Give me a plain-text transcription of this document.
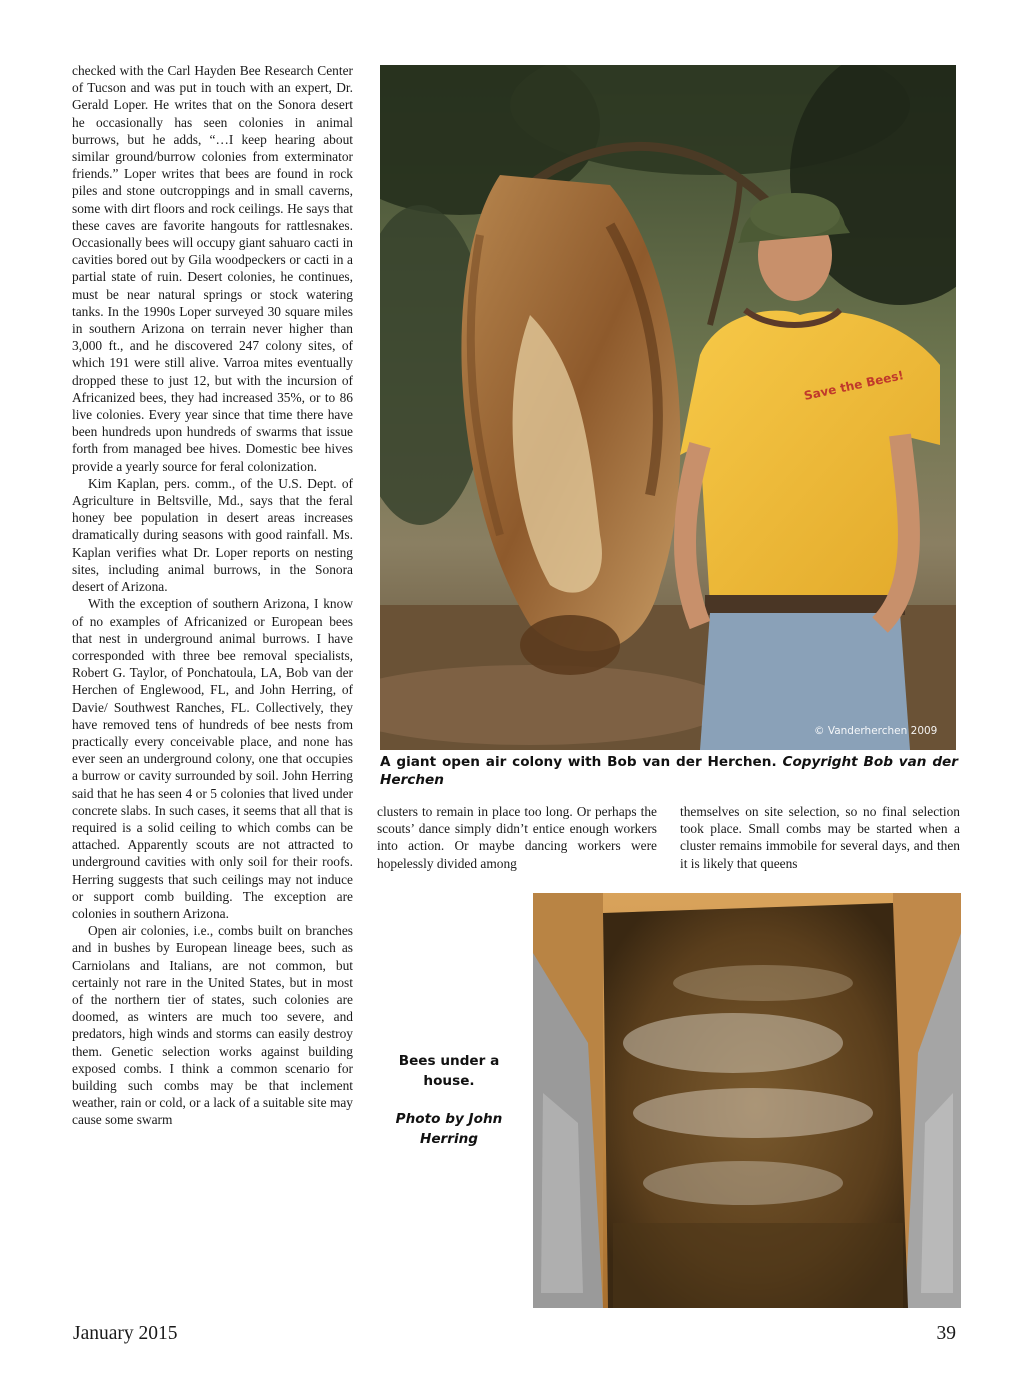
checked with the Carl Hayden Bee Research Center of Tucson and was put in touch with an expert, Dr. Gerald Loper. He writes that on the Sonora desert he occasionally has seen colonies in animal burrows, but he adds, “…I keep hearing about similar ground/burrow colonies from exterminator friends.” Loper writes that bees are found in rock piles and stone outcroppings and in small caverns, some with dirt floors and rock ceilings. He says that these caves are favorite hangouts for rattlesnakes. Occasionally bees will occupy giant sahuaro cacti in cavities bored out by Gila woodpeckers or cacti in a partial state of ruin. Desert colonies, he continues, must be near natural springs or stock watering tanks. In the 1990s Loper surveyed 30 square miles in southern Arizona on terrain never higher than 3,000 ft., and he discovered 247 colony sites, of which 191 were still alive. Varroa mites eventually dropped these to just 12, but with the incursion of Africanized bees, they had increased 35%, or to 86 live colonies. Every year since that time there have been hundreds upon hundreds of swarms that issue forth from managed bee hives. Domestic bee hives provide a yearly source for feral colonization.

Kim Kaplan, pers. comm., of the U.S. Dept. of Agriculture in Beltsville, Md., says that the feral honey bee population in desert areas increases dramatically during seasons with good rainfall. Ms. Kaplan verifies what Dr. Loper reports on nesting sites, including animal burrows, in the Sonora desert of Arizona.

With the exception of southern Arizona, I know of no examples of Africanized or European bees that nest in underground animal burrows. I have corresponded with three bee removal specialists, Robert G. Taylor, of Ponchatoula, LA, Bob van der Herchen of Englewood, FL, and John Herring, of Davie/ Southwest Ranches, FL. Collectively, they have removed tens of hundreds of bee nests from practically every conceivable place, and none has ever seen an underground colony, one that occupies a burrow or cavity surrounded by soil. John Herring said that he has seen 4 or 5 colonies that lived under concrete slabs. In such cases, it seems that all that is required is a solid ceiling to which combs can be attached. Apparently scouts are not attracted to underground cavities with only soil for their roofs. Herring suggests that such ceilings may not induce or support comb building. The exception are colonies in southern Arizona.

Open air colonies, i.e., combs built on branches and in bushes by European lineage bees, such as Carniolans and Italians, are not common, but certainly not rare in the United States, but in most of the northern tier of states, such colonies are doomed, as winters are much too severe, and predators, high winds and storms can easily destroy them. Genetic selection works against building exposed combs. I think a common scenario for building such combs may be that inclement weather, rain or cold, or a lack of a suitable site may cause some swarm

Save the Bees!
© Vanderherchen 2009
A giant open air colony with Bob van der Herchen. Copyright Bob van der Herchen

clusters to remain in place too long. Or perhaps the scouts’ dance simply didn’t entice enough workers into action. Or maybe dancing workers were hopelessly divided among

themselves on site selection, so no final selection took place. Small combs may be started when a cluster remains immobile for several days, and then it is likely that queens

Bees under a house.
Photo by John Herring
January 2015	39
